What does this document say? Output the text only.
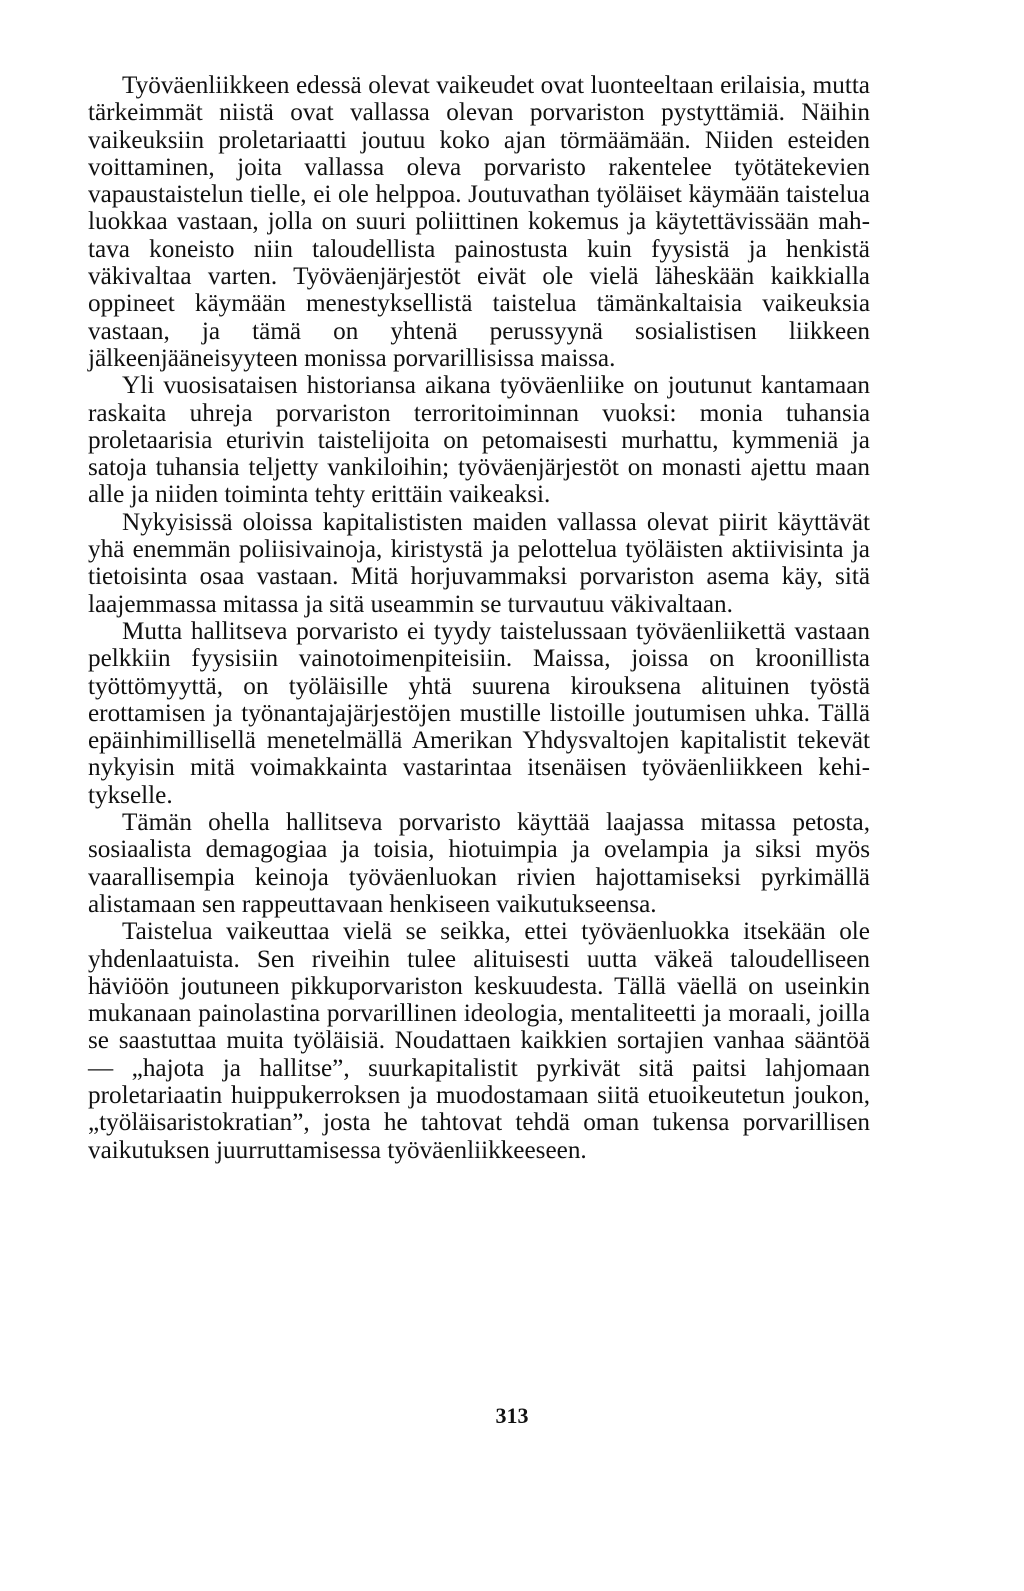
Työväenliikkeen edessä olevat vaikeudet ovat luonteeltaan erilaisia, mutta tärkeimmät niistä ovat vallassa olevan porvariston pystyttämiä. Näihin vaikeuksiin proletariaatti joutuu koko ajan törmäämään. Niiden esteiden voittaminen, joita vallassa oleva porvaristo rakentelee työtätekevien vapaustaistelun tielle, ei ole helppoa. Joutuvathan työläiset käymään taistelua luokkaa vastaan, jolla on suuri poliittinen kokemus ja käytettävissään mahtava koneisto niin taloudellista painostusta kuin fyysistä ja henkistä väkivaltaa varten. Työväenjärjestöt eivät ole vielä läheskään kaikkialla oppineet käymään menestyksellistä taistelua tämänkaltaisia vaikeuksia vastaan, ja tämä on yhtenä perussyynä sosialistisen liikkeen jälkeenjääneisyyteen monissa porvarillisissa maissa.

Yli vuosisataisen historiansa aikana työväenliike on joutunut kantamaan raskaita uhreja porvariston terroritoiminnan vuoksi: monia tuhansia proletaarisia eturivin taistelijoita on petomaisesti murhattu, kymmeniä ja satoja tuhansia teljetty vankiloihin; työväenjärjestöt on monasti ajettu maan alle ja niiden toiminta tehty erittäin vaikeaksi.

Nykyisissä oloissa kapitalististen maiden vallassa olevat piirit käyttävät yhä enemmän poliisivainoja, kiristystä ja pelottelua työläisten aktiivisinta ja tietoisinta osaa vastaan. Mitä horjuvammaksi porvariston asema käy, sitä laajemmassa mitassa ja sitä useammin se turvautuu väkivaltaan.

Mutta hallitseva porvaristo ei tyydy taistelussaan työväenliikettä vastaan pelkkiin fyysisiin vainotoimenpiteisiin. Maissa, joissa on kroonillista työttömyyttä, on työläisille yhtä suurena kirouksena alituinen työstä erottamisen ja työnantajajärjestöjen mustille listoille joutumisen uhka. Tällä epäinhimillisellä menetelmällä Amerikan Yhdysvaltojen kapitalistit tekevät nykyisin mitä voimakkainta vastarintaa itsenäisen työväenliikkeen kehitykselle.

Tämän ohella hallitseva porvaristo käyttää laajassa mitassa petosta, sosiaalista demagogiaa ja toisia, hiotuimpia ja ovelampia ja siksi myös vaarallisempia keinoja työväenluokan rivien hajottamiseksi pyrkimällä alistamaan sen rappeuttavaan henkiseen vaikutukseensa.

Taistelua vaikeuttaa vielä se seikka, ettei työväenluokka itsekään ole yhdenlaatuista. Sen riveihin tulee alituisesti uutta väkeä taloudelliseen häviöön joutuneen pikkuporvariston keskuudesta. Tällä väellä on useinkin mukanaan painolastina porvarillinen ideologia, mentaliteetti ja moraali, joilla se saastuttaa muita työläisiä. Noudattaen kaikkien sortajien vanhaa sääntöä — „hajota ja hallitse”, suurkapitalistit pyrkivät sitä paitsi lahjomaan proletariaatin huippukerroksen ja muodostamaan siitä etuoikeutetun joukon, „työläisaristokratian”, josta he tahtovat tehdä oman tukensa porvarillisen vaikutuksen juurruttamisessa työväenliikkeeseen.

313
